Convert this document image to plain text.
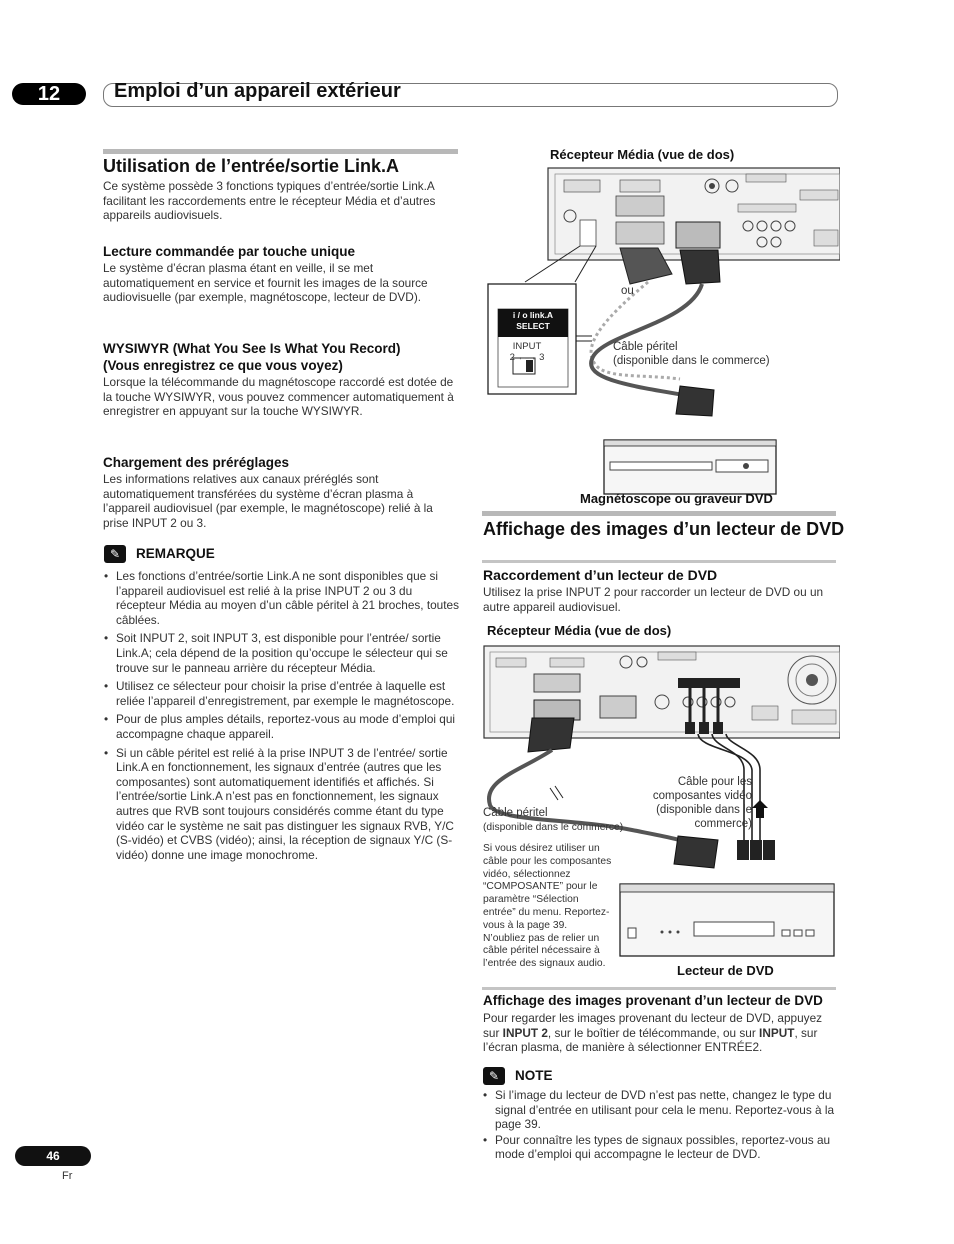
12	Emploi d’un appareil extérieur
Utilisation de l’entrée/sortie Link.A
Ce système possède 3 fonctions typiques d’entrée/sortie Link.A facilitant les raccordements entre le récepteur Média et d’autres appareils audiovisuels.
Lecture commandée par touche unique
Le système d’écran plasma étant en veille, il se met automatiquement en service et fournit les images de la source audiovisuelle (par exemple, magnétoscope, lecteur de DVD).
WYSIWYR (What You See Is What You Record)
(Vous enregistrez ce que vous voyez)
Lorsque la télécommande du magnétoscope raccordé est dotée de la touche WYSIWYR, vous pouvez commencer automatiquement à enregistrer en appuyant sur la touche WYSIWYR.
Chargement des préréglages
Les informations relatives aux canaux préréglés sont automatiquement transférées du système d’écran plasma à l’appareil audiovisuel (par exemple, le magnétoscope) relié à la prise INPUT 2 ou 3.
✎	REMARQUE
• Les fonctions d’entrée/sortie Link.A ne sont disponibles que si l’appareil audiovisuel est relié à la prise INPUT 2 ou 3 du récepteur Média au moyen d’un câble péritel à 21 broches, toutes câblées.
• Soit INPUT 2, soit INPUT 3, est disponible pour l’entrée/ sortie Link.A; cela dépend de la position qu’occupe le sélecteur qui se trouve sur le panneau arrière du récepteur Média.
• Utilisez ce sélecteur pour choisir la prise d’entrée à laquelle est reliée l’appareil d’enregistrement, par exemple le magnétoscope.
• Pour de plus amples détails, reportez-vous au mode d’emploi qui accompagne chaque appareil.
• Si un câble péritel est relié à la prise INPUT 3 de l’entrée/ sortie Link.A en fonctionnement, les signaux d’entrée (autres que les composantes) sont automatiquement identifiés et affichés. Si l’entrée/sortie Link.A n’est pas en fonctionnement, les signaux autres que RVB sont toujours considérés comme étant du type vidéo car le système ne sait pas distinguer les signaux RVB, Y/C (S-vidéo) et CVBS (vidéo); ainsi, la réception de signaux Y/C (S-vidéo) donne une image monochrome.
Récepteur Média (vue de dos)
ou
i / o link.A
SELECT
INPUT
2 ←→ 3
Câble péritel
(disponible dans le commerce)
Magnétoscope ou graveur DVD
Affichage des images d’un lecteur de DVD
Raccordement d’un lecteur de DVD
Utilisez la prise INPUT 2 pour raccorder un lecteur de DVD ou un autre appareil audiovisuel.
Récepteur Média (vue de dos)
Câble pour les
composantes vidéo
(disponible dans le
commerce)
Câble péritel
(disponible dans le commerce)
Si vous désirez utiliser un
câble pour les composantes
vidéo, sélectionnez
“COMPOSANTE” pour le
paramètre “Sélection
entrée” du menu. Reportez-
vous à la page 39.
N’oubliez pas de relier un
câble péritel nécessaire à
l’entrée des signaux audio.	Lecteur de DVD
Affichage des images provenant d’un lecteur de DVD
Pour regarder les images provenant du lecteur de DVD, appuyez sur INPUT 2, sur le boîtier de télécommande, ou sur INPUT, sur l’écran plasma, de manière à sélectionner ENTRÉE2.
✎	NOTE
• Si l’image du lecteur de DVD n’est pas nette, changez le type du signal d’entrée en utilisant pour cela le menu. Reportez-vous à la page 39.
• Pour connaître les types de signaux possibles, reportez-vous au mode d’emploi qui accompagne le lecteur de DVD.
46
Fr
